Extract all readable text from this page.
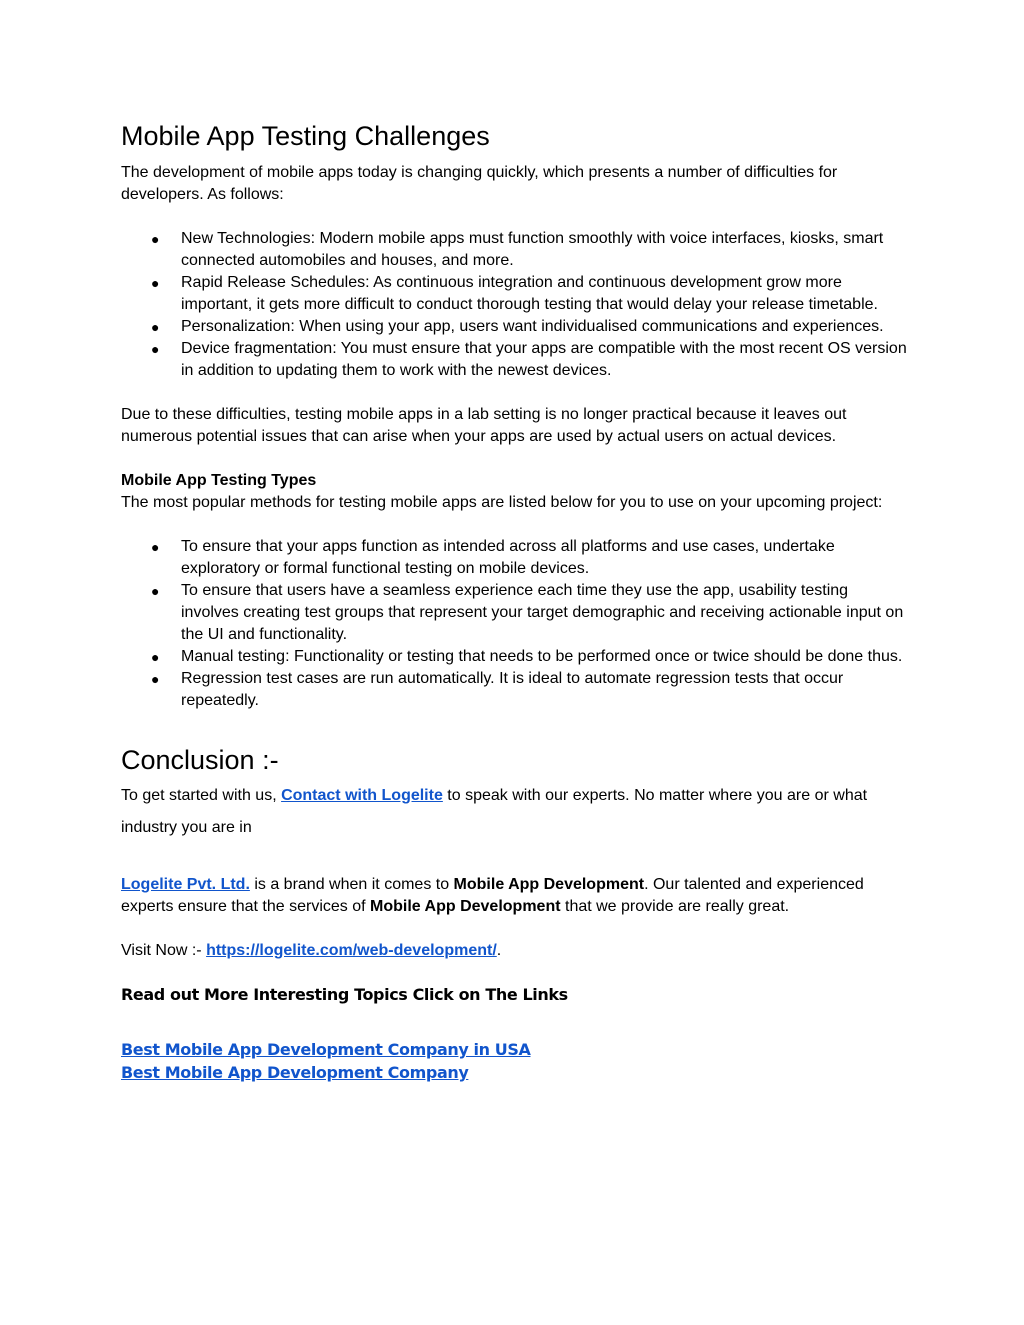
Mobile App Testing Challenges

The development of mobile apps today is changing quickly, which presents a number of difficulties for developers. As follows:

● New Technologies: Modern mobile apps must function smoothly with voice interfaces, kiosks, smart connected automobiles and houses, and more.
● Rapid Release Schedules: As continuous integration and continuous development grow more important, it gets more difficult to conduct thorough testing that would delay your release timetable.
● Personalization: When using your app, users want individualised communications and experiences.
● Device fragmentation: You must ensure that your apps are compatible with the most recent OS version in addition to updating them to work with the newest devices.

Due to these difficulties, testing mobile apps in a lab setting is no longer practical because it leaves out numerous potential issues that can arise when your apps are used by actual users on actual devices.

Mobile App Testing Types

The most popular methods for testing mobile apps are listed below for you to use on your upcoming project:

● To ensure that your apps function as intended across all platforms and use cases, undertake exploratory or formal functional testing on mobile devices.
● To ensure that users have a seamless experience each time they use the app, usability testing involves creating test groups that represent your target demographic and receiving actionable input on the UI and functionality.
● Manual testing: Functionality or testing that needs to be performed once or twice should be done thus.
● Regression test cases are run automatically. It is ideal to automate regression tests that occur repeatedly.
Conclusion :-

To get started with us, Contact with Logelite to speak with our experts. No matter where you are or what industry you are in

Logelite Pvt. Ltd. is a brand when it comes to Mobile App Development. Our talented and experienced experts ensure that the services of Mobile App Development that we provide are really great.

Visit Now :- https://logelite.com/web-development/.

Read out More Interesting Topics Click on The Links

Best Mobile App Development Company in USA
Best Mobile App Development Company
